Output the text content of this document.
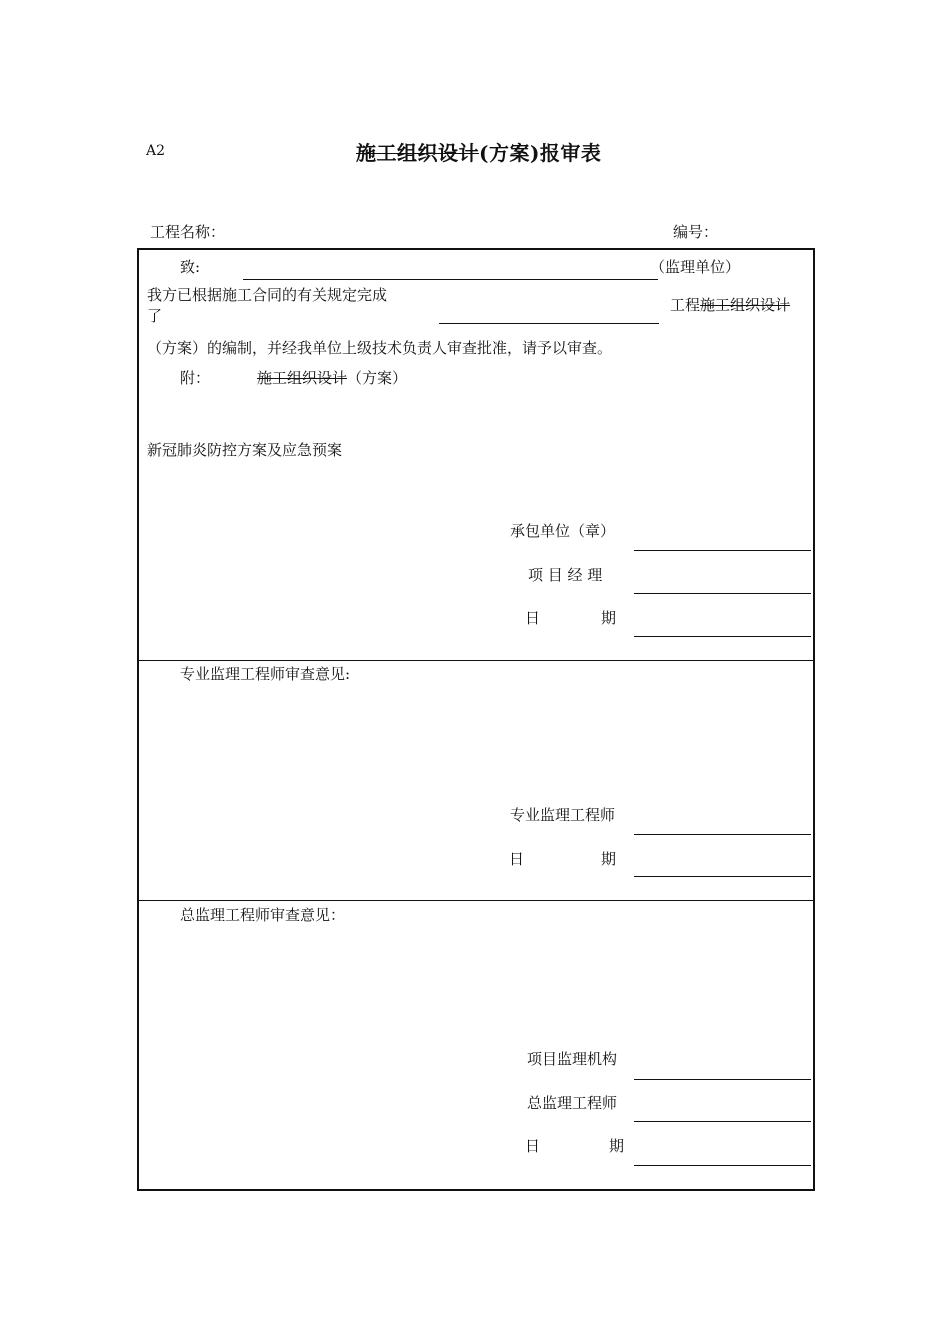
A2	施工组织设计(方案)报审表
工程名称：	编号：
致:	（监理单位）
我方已根据施工合同的有关规定完成
了
工程施工组织设计
（方案）的编制，并经我单位上级技术负责人审查批准，请予以审查。
附：	施工组织设计（方案）
新冠肺炎防控方案及应急预案
承包单位（章）
项 目 经 理
日	期
专业监理工程师审查意见:
专业监理工程师
日	期
总监理工程师审查意见：
项目监理机构
总监理工程师
日	期
